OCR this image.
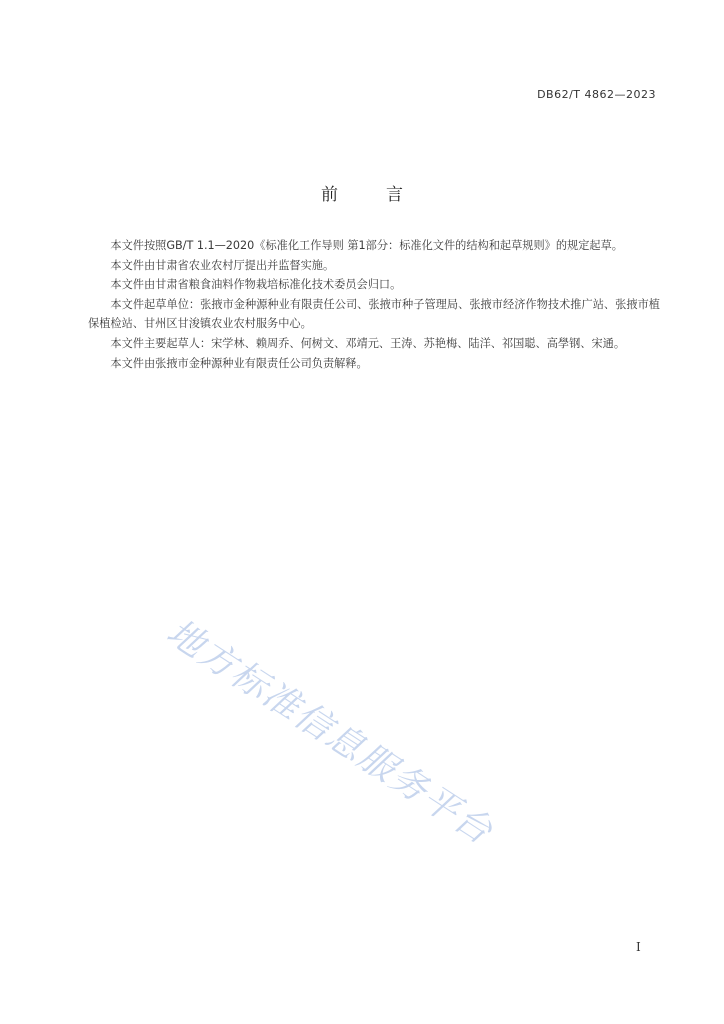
DB62/T 4862—2023
前言

本文件按照GB/T 1.1—2020《标准化工作导则 第1部分：标准化文件的结构和起草规则》的规定起草。

本文件由甘肃省农业农村厅提出并监督实施。

本文件由甘肃省粮食油料作物栽培标准化技术委员会归口。

本文件起草单位：张掖市金种源种业有限责任公司、张掖市种子管理局、张掖市经济作物技术推广站、张掖市植保植检站、甘州区甘浚镇农业农村服务中心。

本文件主要起草人：宋学林、赖周乔、何树文、邓靖元、王涛、苏艳梅、陆洋、祁国聪、高學钢、宋通。

本文件由张掖市金种源种业有限责任公司负责解释。

地方标准信息服务平台
I
